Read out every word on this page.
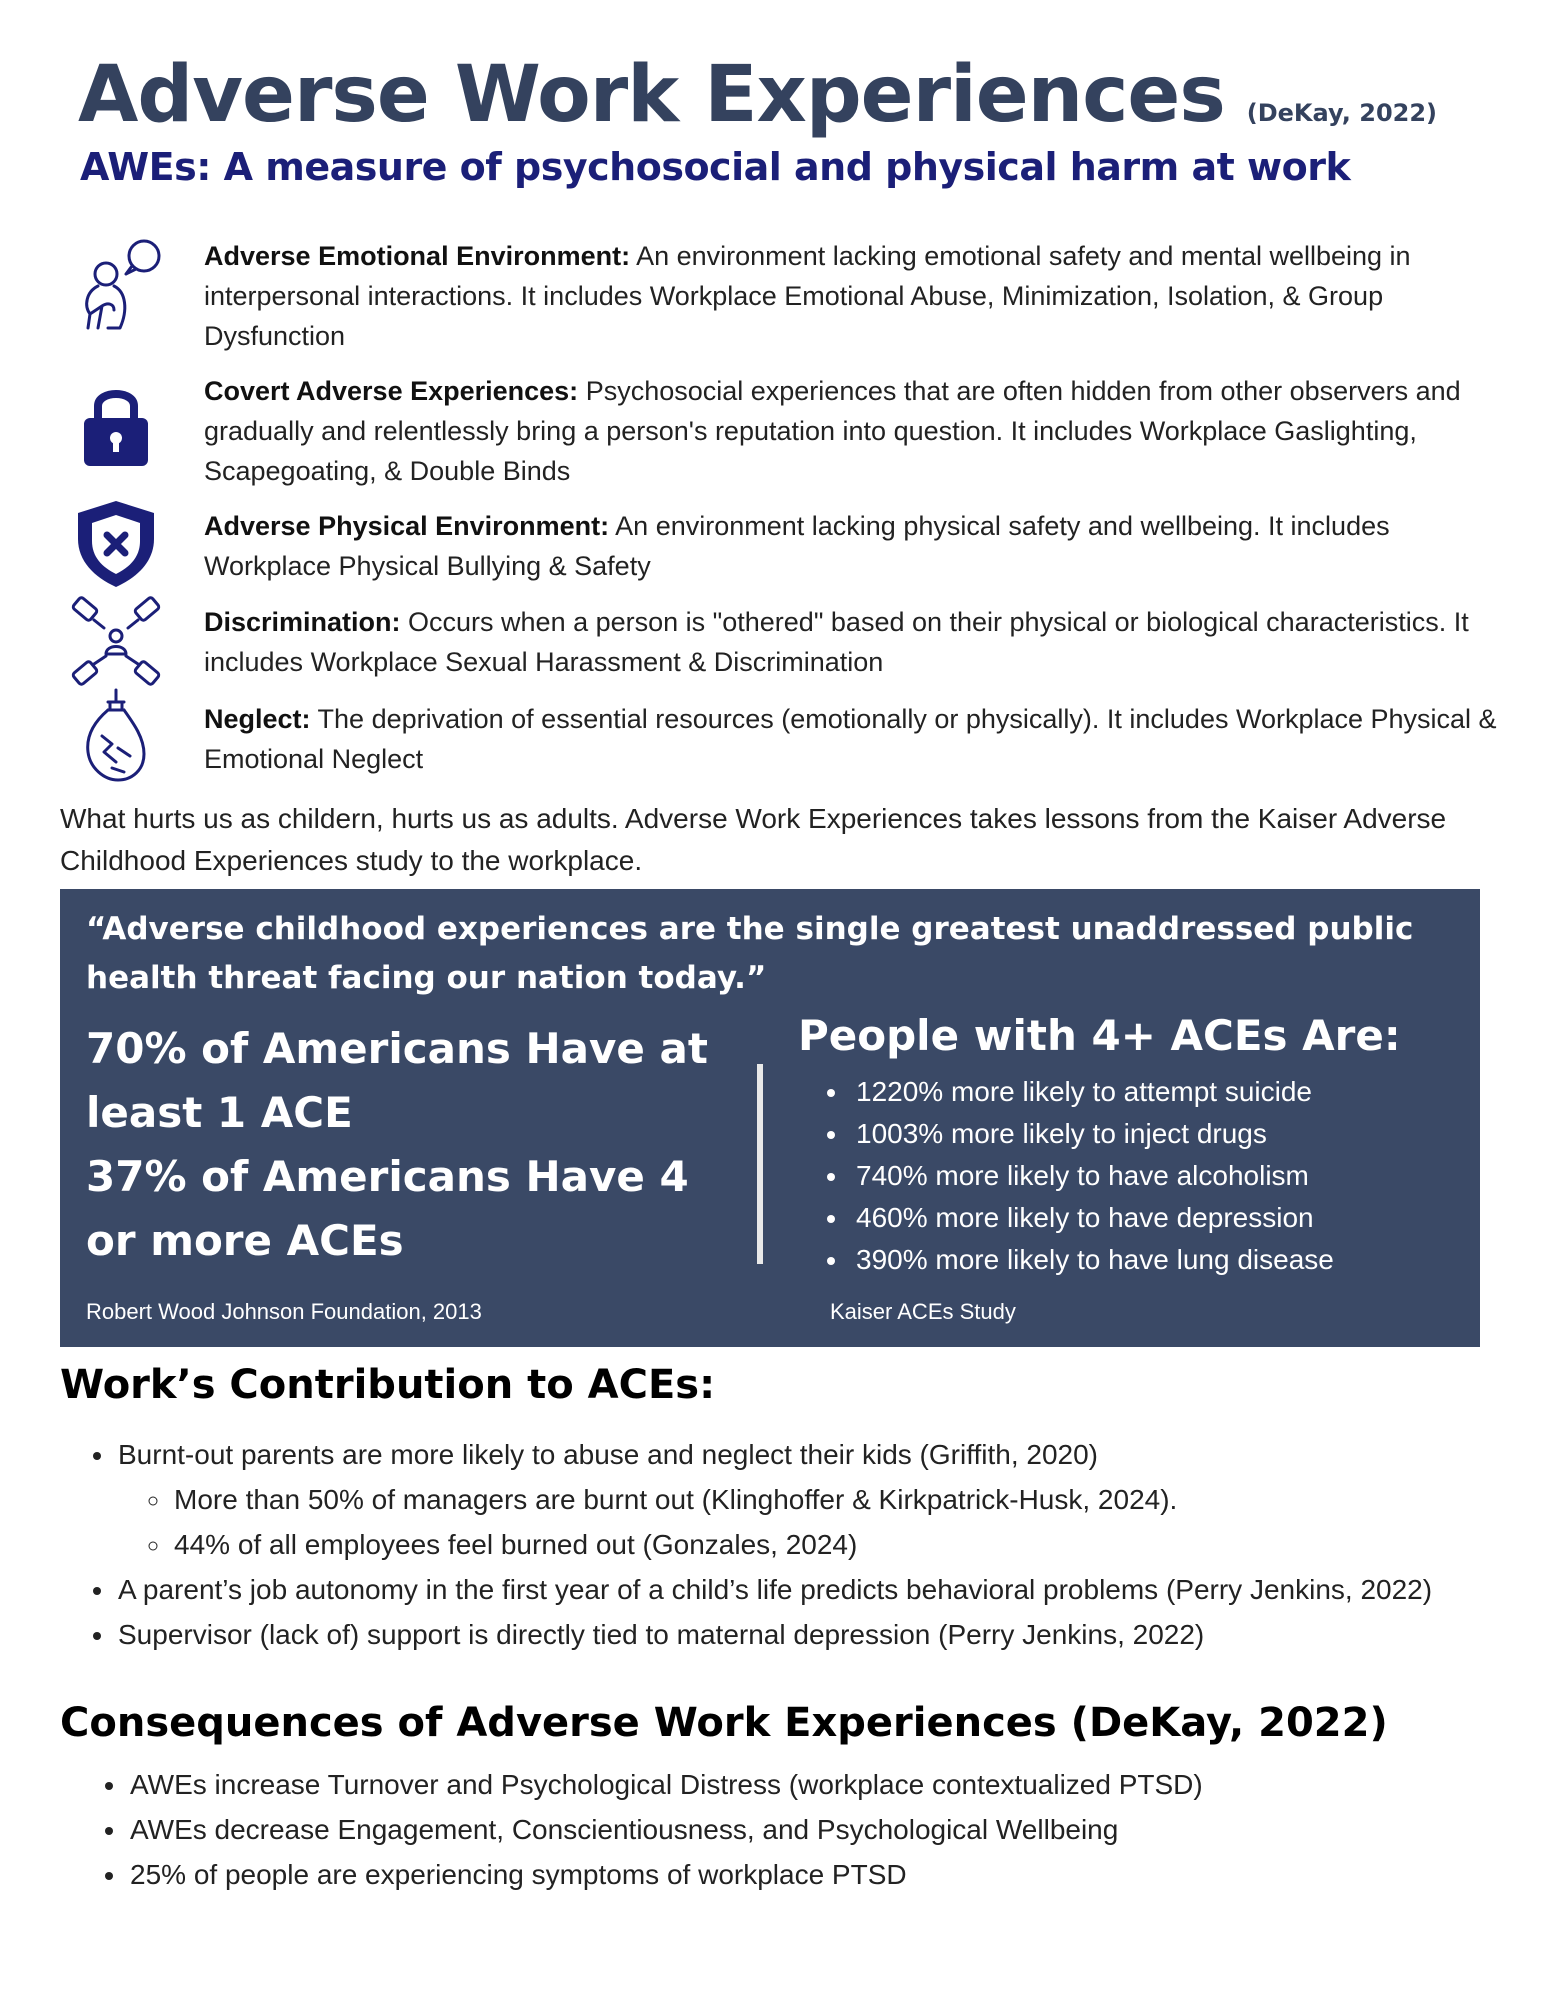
Adverse Work Experiences (DeKay, 2022)
AWEs: A measure of psychosocial and physical harm at work
Adverse Emotional Environment: An environment lacking emotional safety and mental wellbeing in interpersonal interactions. It includes Workplace Emotional Abuse, Minimization, Isolation, & Group Dysfunction
Covert Adverse Experiences: Psychosocial experiences that are often hidden from other observers and gradually and relentlessly bring a person's reputation into question. It includes Workplace Gaslighting, Scapegoating, & Double Binds
Adverse Physical Environment: An environment lacking physical safety and wellbeing. It includes Workplace Physical Bullying & Safety
Discrimination: Occurs when a person is "othered" based on their physical or biological characteristics. It includes Workplace Sexual Harassment & Discrimination
Neglect: The deprivation of essential resources (emotionally or physically). It includes Workplace Physical & Emotional Neglect

What hurts us as childern, hurts us as adults. Adverse Work Experiences takes lessons from the Kaiser Adverse Childhood Experiences study to the workplace.

“Adverse childhood experiences are the single greatest unaddressed public health threat facing our nation today.”

70% of Americans Have at least 1 ACE
37% of Americans Have 4 or more ACEs
People with 4+ ACEs Are:
• 1220% more likely to attempt suicide
• 1003% more likely to inject drugs
• 740% more likely to have alcoholism
• 460% more likely to have depression
• 390% more likely to have lung disease
Robert Wood Johnson Foundation, 2013	Kaiser ACEs Study
Work’s Contribution to ACEs:
• Burnt-out parents are more likely to abuse and neglect their kids (Griffith, 2020)
◦ More than 50% of managers are burnt out (Klinghoffer & Kirkpatrick-Husk, 2024).
◦ 44% of all employees feel burned out (Gonzales, 2024)
• A parent’s job autonomy in the first year of a child’s life predicts behavioral problems (Perry Jenkins, 2022)
• Supervisor (lack of) support is directly tied to maternal depression (Perry Jenkins, 2022)
Consequences of Adverse Work Experiences (DeKay, 2022)
• AWEs increase Turnover and Psychological Distress (workplace contextualized PTSD)
• AWEs decrease Engagement, Conscientiousness, and Psychological Wellbeing
• 25% of people are experiencing symptoms of workplace PTSD
